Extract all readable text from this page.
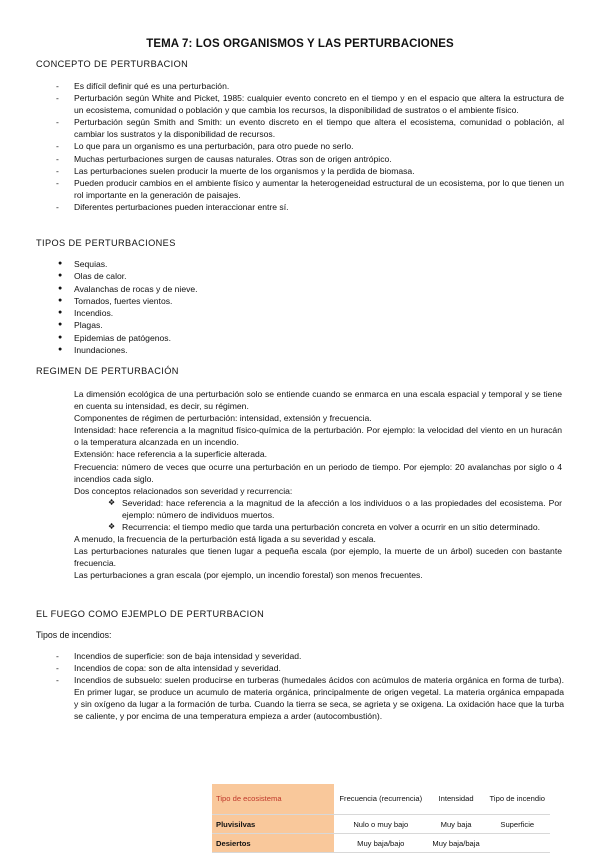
TEMA 7: LOS ORGANISMOS Y LAS PERTURBACIONES
CONCEPTO DE PERTURBACION
- Es difícil definir qué es una perturbación.
- Perturbación según White and Picket, 1985: cualquier evento concreto en el tiempo y en el espacio que altera la estructura de un ecosistema, comunidad o población y que cambia los recursos, la disponibilidad de sustratos o el ambiente físico.
- Perturbación según Smith and Smith: un evento discreto en el tiempo que altera el ecosistema, comunidad o población, al cambiar los sustratos y la disponibilidad de recursos.
- Lo que para un organismo es una perturbación, para otro puede no serlo.
- Muchas perturbaciones surgen de causas naturales. Otras son de origen antrópico.
- Las perturbaciones suelen producir la muerte de los organismos y la perdida de biomasa.
- Pueden producir cambios en el ambiente físico y aumentar la heterogeneidad estructural de un ecosistema, por lo que tienen un rol importante en la generación de paisajes.
- Diferentes perturbaciones pueden interaccionar entre sí.
TIPOS DE PERTURBACIONES
● Sequias.
● Olas de calor.
● Avalanchas de rocas y de nieve.
● Tornados, fuertes vientos.
● Incendios.
● Plagas.
● Epidemias de patógenos.
● Inundaciones.
REGIMEN DE PERTURBACIÓN

La dimensión ecológica de una perturbación solo se entiende cuando se enmarca en una escala espacial y temporal y se tiene en cuenta su intensidad, es decir, su régimen.

Componentes de régimen de perturbación: intensidad, extensión y frecuencia.

Intensidad: hace referencia a la magnitud físico-química de la perturbación. Por ejemplo: la velocidad del viento en un huracán o la temperatura alcanzada en un incendio.

Extensión: hace referencia a la superficie alterada.

Frecuencia: número de veces que ocurre una perturbación en un periodo de tiempo. Por ejemplo: 20 avalanchas por siglo o 4 incendios cada siglo.

Dos conceptos relacionados son severidad y recurrencia:

❖ Severidad: hace referencia a la magnitud de la afección a los individuos o a las propiedades del ecosistema. Por ejemplo: número de individuos muertos.
❖ Recurrencia: el tiempo medio que tarda una perturbación concreta en volver a ocurrir en un sitio determinado.

A menudo, la frecuencia de la perturbación está ligada a su severidad y escala.

Las perturbaciones naturales que tienen lugar a pequeña escala (por ejemplo, la muerte de un árbol) suceden con bastante frecuencia.

Las perturbaciones a gran escala (por ejemplo, un incendio forestal) son menos frecuentes.

EL FUEGO COMO EJEMPLO DE PERTURBACION
Tipos de incendios:
- Incendios de superficie: son de baja intensidad y severidad.
- Incendios de copa: son de alta intensidad y severidad.
- Incendios de subsuelo: suelen producirse en turberas (humedales ácidos con acúmulos de materia orgánica en forma de turba). En primer lugar, se produce un acumulo de materia orgánica, principalmente de origen vegetal. La materia orgánica empapada y sin oxígeno da lugar a la formación de turba. Cuando la tierra se seca, se agrieta y se oxigena. La oxidación hace que la turba se caliente, y por encima de una temperatura empieza a arder (autocombustión).
Tipo de ecosistema	Frecuencia (recurrencia)	Intensidad	Tipo de incendio
Pluvisilvas	Nulo o muy bajo	Muy baja	Superficie
Desiertos	Muy baja/bajo	Muy baja/baja	
